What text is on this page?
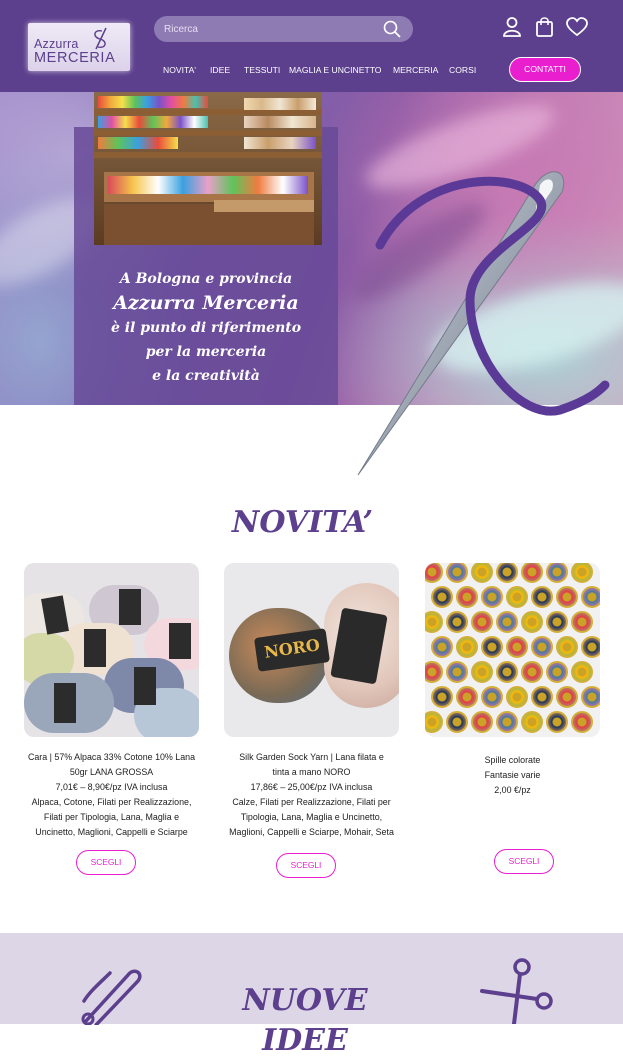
Azzurra
MERCERIA
Ricerca
NOVITA' IDEE TESSUTI MAGLIA E UNCINETTO MERCERIA CORSI	CONTATTI
A Bologna e provincia
Azzurra Merceria
è il punto di riferimento
per la merceria
e la creatività
NOVITA’
Cara | 57% Alpaca 33% Cotone 10% Lana
50gr LANA GROSSA
7,01€ – 8,90€/pz IVA inclusa
Alpaca, Cotone, Filati per Realizzazione,
Filati per Tipologia, Lana, Maglia e
Uncinetto, Maglioni, Cappelli e Sciarpe
SCEGLI
NORO
Silk Garden Sock Yarn | Lana filata e
tinta a mano NORO
17,86€ – 25,00€/pz IVA inclusa
Calze, Filati per Realizzazione, Filati per
Tipologia, Lana, Maglia e Uncinetto,
Maglioni, Cappelli e Sciarpe, Mohair, Seta
SCEGLI
Spille colorate
Fantasie varie
2,00 €/pz
SCEGLI
NUOVE IDEE
